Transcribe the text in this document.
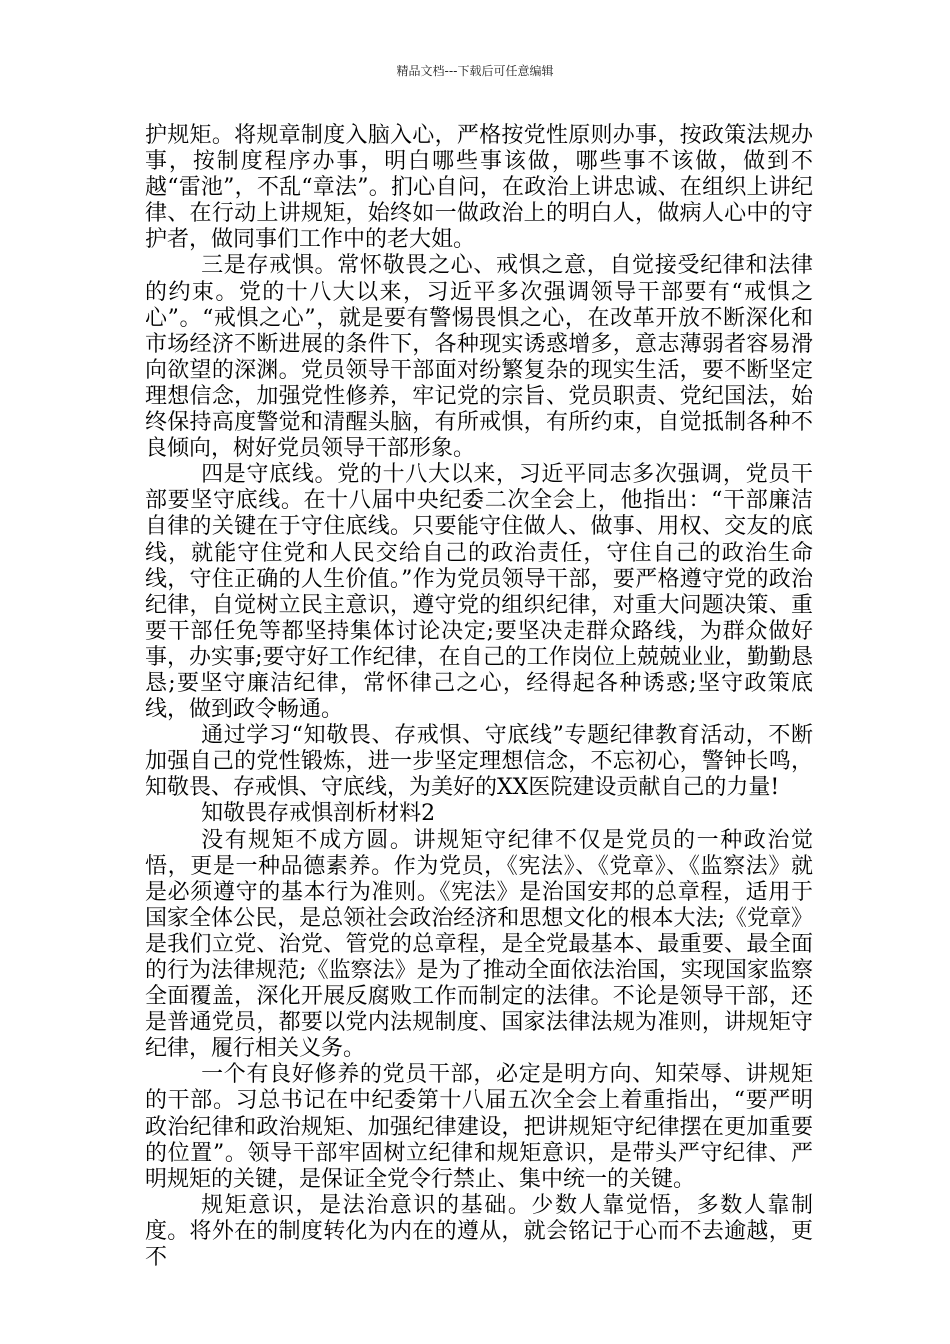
精品文档---下载后可任意编辑

护规矩。将规章制度入脑入心，严格按党性原则办事，按政策法规办事，按制度程序办事，明白哪些事该做，哪些事不该做，做到不越“雷池”，不乱“章法”。扪心自问，在政治上讲忠诚、在组织上讲纪律、在行动上讲规矩，始终如一做政治上的明白人，做病人心中的守护者，做同事们工作中的老大姐。

三是存戒惧。常怀敬畏之心、戒惧之意，自觉接受纪律和法律的约束。党的十八大以来，习近平多次强调领导干部要有“戒惧之心”。“戒惧之心”，就是要有警惕畏惧之心，在改革开放不断深化和市场经济不断进展的条件下，各种现实诱惑增多，意志薄弱者容易滑向欲望的深渊。党员领导干部面对纷繁复杂的现实生活，要不断坚定理想信念，加强党性修养，牢记党的宗旨、党员职责、党纪国法，始终保持高度警觉和清醒头脑，有所戒惧，有所约束，自觉抵制各种不良倾向，树好党员领导干部形象。

四是守底线。党的十八大以来，习近平同志多次强调，党员干部要坚守底线。在十八届中央纪委二次全会上，他指出：“干部廉洁自律的关键在于守住底线。只要能守住做人、做事、用权、交友的底线，就能守住党和人民交给自己的政治责任，守住自己的政治生命线，守住正确的人生价值。”作为党员领导干部，要严格遵守党的政治纪律，自觉树立民主意识，遵守党的组织纪律，对重大问题决策、重要干部任免等都坚持集体讨论决定;要坚决走群众路线，为群众做好事，办实事;要守好工作纪律，在自己的工作岗位上兢兢业业，勤勤恳恳;要坚守廉洁纪律，常怀律己之心，经得起各种诱惑;坚守政策底线，做到政令畅通。

通过学习“知敬畏、存戒惧、守底线”专题纪律教育活动，不断加强自己的党性锻炼，进一步坚定理想信念，不忘初心，警钟长鸣，知敬畏、存戒惧、守底线，为美好的XX医院建设贡献自己的力量!

知敬畏存戒惧剖析材料2

没有规矩不成方圆。讲规矩守纪律不仅是党员的一种政治觉悟，更是一种品德素养。作为党员，《宪法》、《党章》、《监察法》就是必须遵守的基本行为准则。《宪法》是治国安邦的总章程，适用于国家全体公民，是总领社会政治经济和思想文化的根本大法;《党章》是我们立党、治党、管党的总章程，是全党最基本、最重要、最全面的行为法律规范;《监察法》是为了推动全面依法治国，实现国家监察全面覆盖，深化开展反腐败工作而制定的法律。不论是领导干部，还是普通党员，都要以党内法规制度、国家法律法规为准则，讲规矩守纪律，履行相关义务。

一个有良好修养的党员干部，必定是明方向、知荣辱、讲规矩的干部。习总书记在中纪委第十八届五次全会上着重指出，“要严明政治纪律和政治规矩、加强纪律建设，把讲规矩守纪律摆在更加重要的位置”。领导干部牢固树立纪律和规矩意识，是带头严守纪律、严明规矩的关键，是保证全党令行禁止、集中统一的关键。

规矩意识，是法治意识的基础。少数人靠觉悟，多数人靠制度。将外在的制度转化为内在的遵从，就会铭记于心而不去逾越，更不
